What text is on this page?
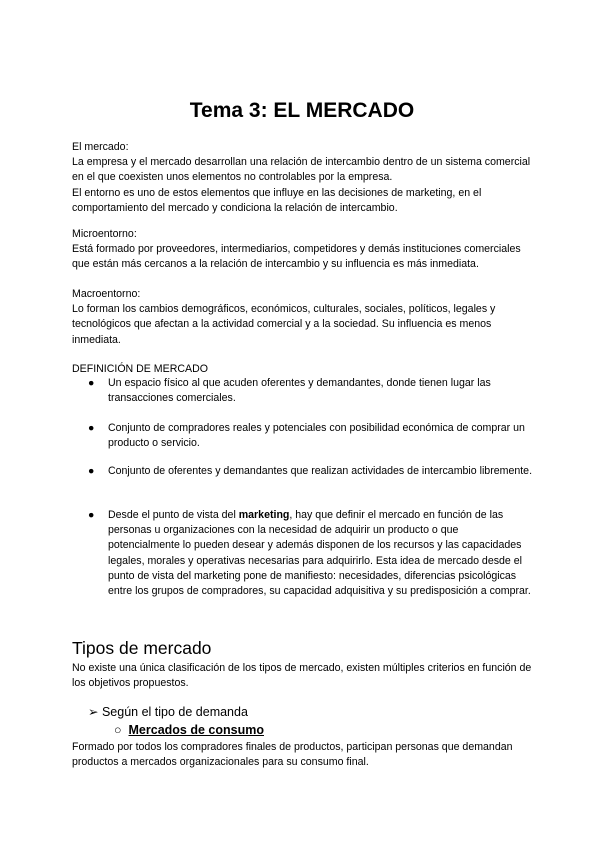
Tema 3: EL MERCADO

El mercado:

La empresa y el mercado desarrollan una relación de intercambio dentro de un sistema comercial en el que coexisten unos elementos no controlables por la empresa.

El entorno es uno de estos elementos que influye en las decisiones de marketing, en el comportamiento del mercado y condiciona la relación de intercambio.

Microentorno:

Está formado por proveedores, intermediarios, competidores y demás instituciones comerciales que están más cercanos a la relación de intercambio y su influencia es más inmediata.

Macroentorno:

Lo forman los cambios demográficos, económicos, culturales, sociales, políticos, legales y tecnológicos que afectan a la actividad comercial y a la sociedad. Su influencia es menos inmediata.

DEFINICIÓN DE MERCADO

● Un espacio físico al que acuden oferentes y demandantes, donde tienen lugar las transacciones comerciales.
● Conjunto de compradores reales y potenciales con posibilidad económica de comprar un producto o servicio.
● Conjunto de oferentes y demandantes que realizan actividades de intercambio libremente.
● Desde el punto de vista del marketing, hay que definir el mercado en función de las personas u organizaciones con la necesidad de adquirir un producto o que potencialmente lo pueden desear y además disponen de los recursos y las capacidades legales, morales y operativas necesarias para adquirirlo. Esta idea de mercado desde el punto de vista del marketing pone de manifiesto: necesidades, diferencias psicológicas entre los grupos de compradores, su capacidad adquisitiva y su predisposición a comprar.
Tipos de mercado

No existe una única clasificación de los tipos de mercado, existen múltiples criterios en función de los objetivos propuestos.

➢ Según el tipo de demanda
○ Mercados de consumo

Formado por todos los compradores finales de productos, participan personas que demandan productos a mercados organizacionales para su consumo final.
